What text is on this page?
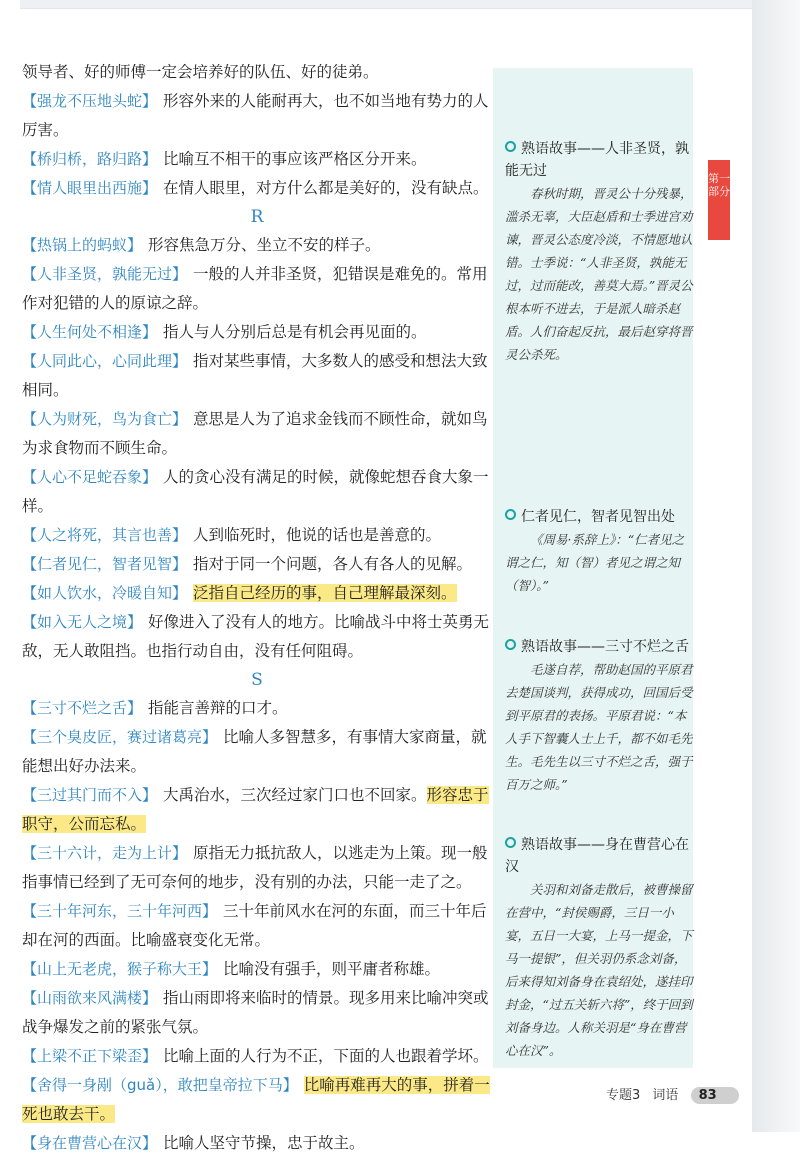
领导者、好的师傅一定会培养好的队伍、好的徒弟。
【强龙不压地头蛇】 形容外来的人能耐再大，也不如当地有势力的人厉害。
【桥归桥，路归路】 比喻互不相干的事应该严格区分开来。
【情人眼里出西施】 在情人眼里，对方什么都是美好的，没有缺点。
R
【热锅上的蚂蚁】 形容焦急万分、坐立不安的样子。
【人非圣贤，孰能无过】 一般的人并非圣贤，犯错误是难免的。常用作对犯错的人的原谅之辞。
【人生何处不相逢】 指人与人分别后总是有机会再见面的。
【人同此心，心同此理】 指对某些事情，大多数人的感受和想法大致相同。
【人为财死，鸟为食亡】 意思是人为了追求金钱而不顾性命，就如鸟为求食物而不顾生命。
【人心不足蛇吞象】 人的贪心没有满足的时候，就像蛇想吞食大象一样。
【人之将死，其言也善】 人到临死时，他说的话也是善意的。
【仁者见仁，智者见智】 指对于同一个问题，各人有各人的见解。
【如人饮水，冷暖自知】 泛指自己经历的事，自己理解最深刻。
【如入无人之境】 好像进入了没有人的地方。比喻战斗中将士英勇无敌，无人敢阻挡。也指行动自由，没有任何阻碍。
S
【三寸不烂之舌】 指能言善辩的口才。
【三个臭皮匠，赛过诸葛亮】 比喻人多智慧多，有事情大家商量，就能想出好办法来。
【三过其门而不入】 大禹治水，三次经过家门口也不回家。形容忠于职守，公而忘私。
【三十六计，走为上计】 原指无力抵抗敌人，以逃走为上策。现一般指事情已经到了无可奈何的地步，没有别的办法，只能一走了之。
【三十年河东，三十年河西】 三十年前风水在河的东面，而三十年后却在河的西面。比喻盛衰变化无常。
【山上无老虎，猴子称大王】 比喻没有强手，则平庸者称雄。
【山雨欲来风满楼】 指山雨即将来临时的情景。现多用来比喻冲突或战争爆发之前的紧张气氛。
【上梁不正下梁歪】 比喻上面的人行为不正，下面的人也跟着学坏。
【舍得一身剐（guǎ），敢把皇帝拉下马】 比喻再难再大的事，拼着一死也敢去干。
【身在曹营心在汉】 比喻人坚守节操，忠于故主。
熟语故事——人非圣贤，孰能无过
春秋时期，晋灵公十分残暴，滥杀无辜，大臣赵盾和士季进宫劝谏，晋灵公态度冷淡，不情愿地认错。士季说：“人非圣贤，孰能无过，过而能改，善莫大焉。”晋灵公根本听不进去，于是派人暗杀赵盾。人们奋起反抗，最后赵穿将晋灵公杀死。
仁者见仁，智者见智出处
《周易·系辞上》：“仁者见之谓之仁，知（智）者见之谓之知（智）。”
熟语故事——三寸不烂之舌
毛遂自荐，帮助赵国的平原君去楚国谈判，获得成功，回国后受到平原君的表扬。平原君说：“本人手下智囊人士上千，都不如毛先生。毛先生以三寸不烂之舌，强于百万之师。”
熟语故事——身在曹营心在汉
关羽和刘备走散后，被曹操留在营中，“封侯赐爵，三日一小宴，五日一大宴，上马一提金，下马一提银”，但关羽仍系念刘备，后来得知刘备身在袁绍处，遂挂印封金，“过五关斩六将”，终于回到刘备身边。人称关羽是“身在曹营心在汉”。
第一部分
专题3 词语 83
